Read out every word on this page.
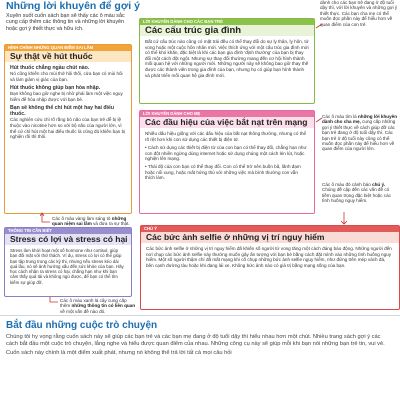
Những lời khuyên để gợi ý
Xuyên suốt cuốn sách bạn sẽ thấy các ô màu sắc cung cấp thêm các thông tin và những lời khuyên hoặc gợi ý thiết thực và hữu ích.
HÌNH CHÍNH NHỮNG QUAN ĐIỂM SAI LẦM
Sự thật về hút thuốc
Hút thuốc chẳng ngầu chút nào.
Nó cũng khiến cho mùi thở hôi thối, cửa bạn có mùi hôi và làm giảm vị giác của bạn.
Hút thuốc không giúp bạn hòa nhập.
Bạn không bao giờ nghe bị nhờ phải làm một việc nguy hiểm để hòa nhập được với bạn bè.
Bạn sẽ không thể chỉ hút một hay hai điếu thuốc.
Các nghiên cứu chỉ rõ rằng bỏ não của bạn trẻ dễ bị lệ thuộc vào nicotine hơn so với bộ não của người lớn, vì thế cứ chỉ hút một hai điếu thuốc là cũng đủ khiến bạn bị nghiện rồi thì thôi.
Các ô màu vàng làm sáng tỏ những quan niệm sai lầm và đưa ra sự thật.
LỜI KHUYÊN DÀNH CHO CÁC BẠN TRẺ
Các cấu trúc gia đình
Bất cứ cấu trúc nào cũng có mặt trái đều có thể thay đổi do sự ly thân, ly hôn, tử vong hoặc một cuộc hôn nhân mới. Việc thích ứng với một cấu trúc gia đình mới có thể khó khăn, đặc biệt là khi các bạn gia đình 'định thường' của bạn bị thay đổi một cách đột ngột. Nhưng sự thay đổi thường mang đến cơ hội hình thành mối quan hệ với những người mới. Những người này sẽ không bao giờ thay thế được các thành viên trong gia đình của bạn, nhưng họ có giúp bạn hình thành và phát triển mối quan hệ gia đình mới.
dành cho các bạn trẻ đang ở độ tuổi dậy thì, với lời khuyên và những gợi ý thiết thực. Các bạn cha mẹ có thể muốn đọc phần này để hiểu hơn về quan điểm của con trẻ.
LỜI KHUYÊN DÀNH CHO MẸ
Các đầu hiệu của việc bắt nạt trên mạng
Nhiều dấu hiệu giống với các dấu hiệu của bắt nạt thông thường, nhưng có thể rõ rệt hơn khi con sử dụng các thiết bị điện tử.
• Cách sử dụng các thiết bị điện tử của con bạn có thể thay đổi, chẳng hạn như con đột nhiên ngừng dùng internet hoặc sử dụng chúng một cách lén lút, hoặc nghiện lên mạng.
• Thái độ của con bạn có thể thay đổi. Con có thể trở nên buồn bã, lãnh đạm hoặc nổi xung, hoặc mất hứng thú với những việc mà bình thường con vẫn thích làm.
Các ô màu tím là những lời khuyên dành cho cha mẹ, cung cấp những gợi ý thiết thực về cách giúp đỡ các bạn trẻ đang ở độ tuổi dậy thì. Các bạn trẻ ở độ tuổi này cũng có thể muốn đọc phần này để hiểu hơn về quan điểm của người lớn.
Các ô màu đỏ cảnh báo chú ý. Chúng đề cập đến các vấn đề có tiềm quan trọng đặc biệt hoặc các tình huống nguy hiểm.
THÔNG TIN CẦN BIẾT
Stress có lợi và stress có hại
Stress làm khởi hoạt một số hormone như cortisol, giúp bạn đối mặt với thử thách. Ví dụ, stress có lợi có thể giúp bạn tập trung trong các kỳ thi, nhưng nếu stress kéo dài quá lâu, nó sẽ ảnh hưởng xấu đến sức khỏe của bạn. Hãy học cách nhận ra stress có hại, chẳng hạn như khi bạn cảm thấy quá tải và không ngủ được, để bạn có thể tìm kiếm sự giúp đỡ.
Các ô màu xanh lá cây cung cấp thêm những thông tin có liên quan về một vấn đề nào đó.
CHÚ Ý
Các bức ảnh selfie ở những vị trí nguy hiểm
Các bức ảnh selfie ở những vị trí nguy hiểm đã khiến số người tử vong tăng một cách đáng báo động. Những người đến nơi chụp các bức ảnh selfie này thường muốn gây ấn tượng với bạn bè bằng cách đặt mình vào những tình huống nguy hiểm. Một số người thậm chí đã mất mạng khi cố chụp những bức ảnh selfie nguy hiểm, như đứng trên mép vách đá, bên cạnh đường tàu hoặc khi đang lái xe. Không bức ảnh nào có giá trị bằng mạng sống của bạn.
Bắt đầu những cuộc trò chuyện
Chúng tôi hy vọng rằng cuốn sách này sẽ giúp các bạn trẻ và các bạn mẹ đang ở độ tuổi dậy thì hiểu nhau hơn một chút. Nhiều trang sách gợi ý các cách bắt đầu một cuộc trò chuyện, lắng nghe và hiểu được quan điểm của nhau. Những công cụ này sẽ giúp mỗi khi bạn nói những bạn trẻ tin, vui vẻ.
Cuốn sách này chính là một điểm xuất phát, nhưng nó không thể trả lời tất cả mọi câu hỏi
